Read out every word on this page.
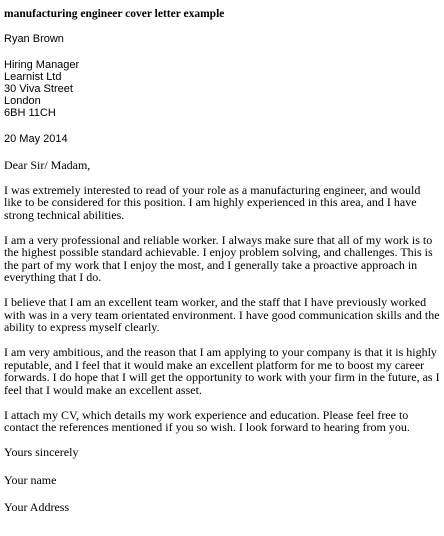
manufacturing engineer cover letter example
Ryan Brown
Hiring Manager
Learnist Ltd
30 Viva Street
London
6BH 11CH
20 May 2014
Dear Sir/ Madam,

I was extremely interested to read of your role as a manufacturing engineer, and would like to be considered for this position. I am highly experienced in this area, and I have strong technical abilities.

I am a very professional and reliable worker. I always make sure that all of my work is to the highest possible standard achievable. I enjoy problem solving, and challenges. This is the part of my work that I enjoy the most, and I generally take a proactive approach in everything that I do.

I believe that I am an excellent team worker, and the staff that I have previously worked with was in a very team orientated environment. I have good communication skills and the ability to express myself clearly.

I am very ambitious, and the reason that I am applying to your company is that it is highly reputable, and I feel that it would make an excellent platform for me to boost my career forwards. I do hope that I will get the opportunity to work with your firm in the future, as I feel that I would make an excellent asset.

I attach my CV, which details my work experience and education. Please feel free to contact the references mentioned if you so wish. I look forward to hearing from you.

Yours sincerely
Your name
Your Address
